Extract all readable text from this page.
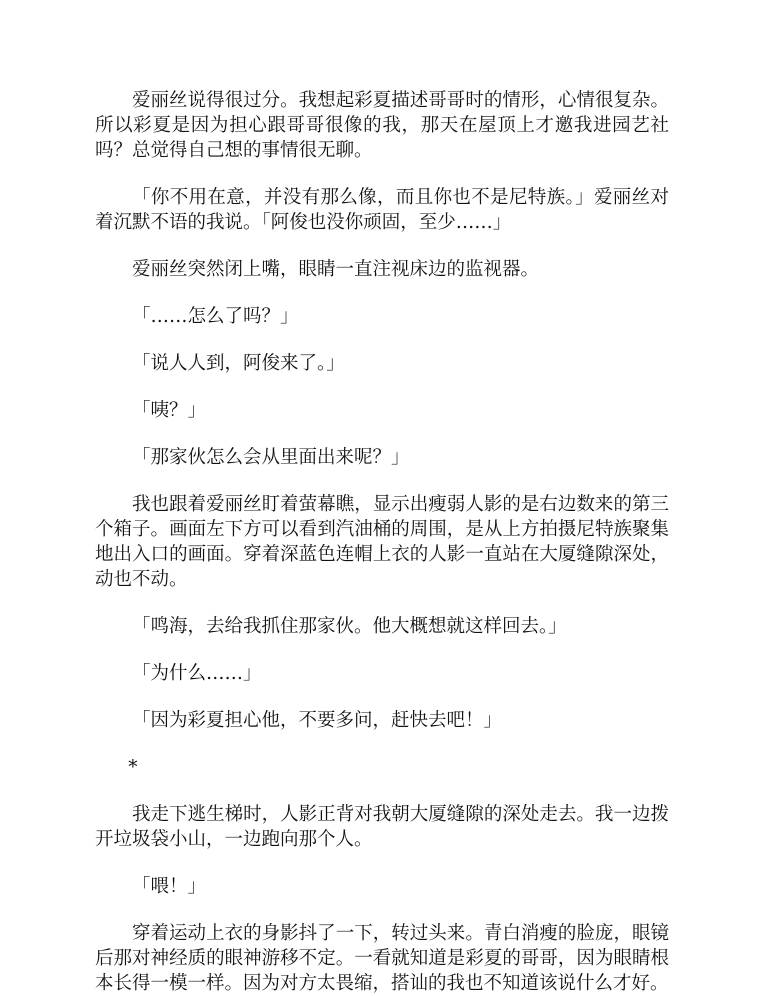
爱丽丝说得很过分。我想起彩夏描述哥哥时的情形，心情很复杂。所以彩夏是因为担心跟哥哥很像的我，那天在屋顶上才邀我进园艺社吗？总觉得自己想的事情很无聊。

「你不用在意，并没有那么像，而且你也不是尼特族。」爱丽丝对着沉默不语的我说。「阿俊也没你顽固，至少……」

爱丽丝突然闭上嘴，眼睛一直注视床边的监视器。

「……怎么了吗？」

「说人人到，阿俊来了。」

「咦？」

「那家伙怎么会从里面出来呢？」

我也跟着爱丽丝盯着萤幕瞧，显示出瘦弱人影的是右边数来的第三个箱子。画面左下方可以看到汽油桶的周围，是从上方拍摄尼特族聚集地出入口的画面。穿着深蓝色连帽上衣的人影一直站在大厦缝隙深处，动也不动。

「鸣海，去给我抓住那家伙。他大概想就这样回去。」

「为什么……」

「因为彩夏担心他，不要多问，赶快去吧！」

*

我走下逃生梯时，人影正背对我朝大厦缝隙的深处走去。我一边拨开垃圾袋小山，一边跑向那个人。

「喂！」

穿着运动上衣的身影抖了一下，转过头来。青白消瘦的脸庞，眼镜后那对神经质的眼神游移不定。一看就知道是彩夏的哥哥，因为眼睛根本长得一模一样。因为对方太畏缩，搭讪的我也不知道该说什么才好。
